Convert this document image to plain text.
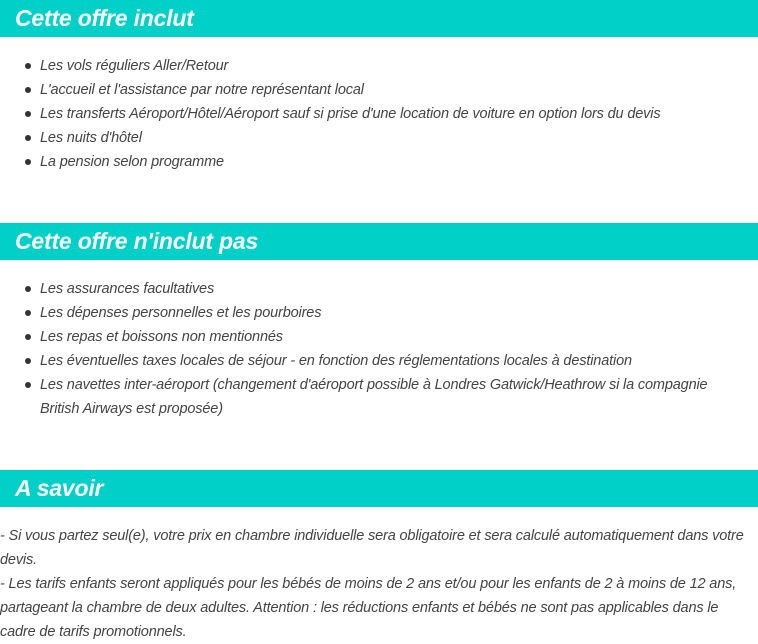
Cette offre inclut
Les vols réguliers Aller/Retour
L'accueil et l'assistance par notre représentant local
Les transferts Aéroport/Hôtel/Aéroport sauf si prise d'une location de voiture en option lors du devis
Les nuits d'hôtel
La pension selon programme
Cette offre n'inclut pas
Les assurances facultatives
Les dépenses personnelles et les pourboires
Les repas et boissons non mentionnés
Les éventuelles taxes locales de séjour - en fonction des réglementations locales à destination
Les navettes inter-aéroport (changement d'aéroport possible à Londres Gatwick/Heathrow si la compagnie British Airways est proposée)
A savoir

- Si vous partez seul(e), votre prix en chambre individuelle sera obligatoire et sera calculé automatiquement dans votre devis.

- Les tarifs enfants seront appliqués pour les bébés de moins de 2 ans et/ou pour les enfants de 2 à moins de 12 ans, partageant la chambre de deux adultes. Attention : les réductions enfants et bébés ne sont pas applicables dans le cadre de tarifs promotionnels.
